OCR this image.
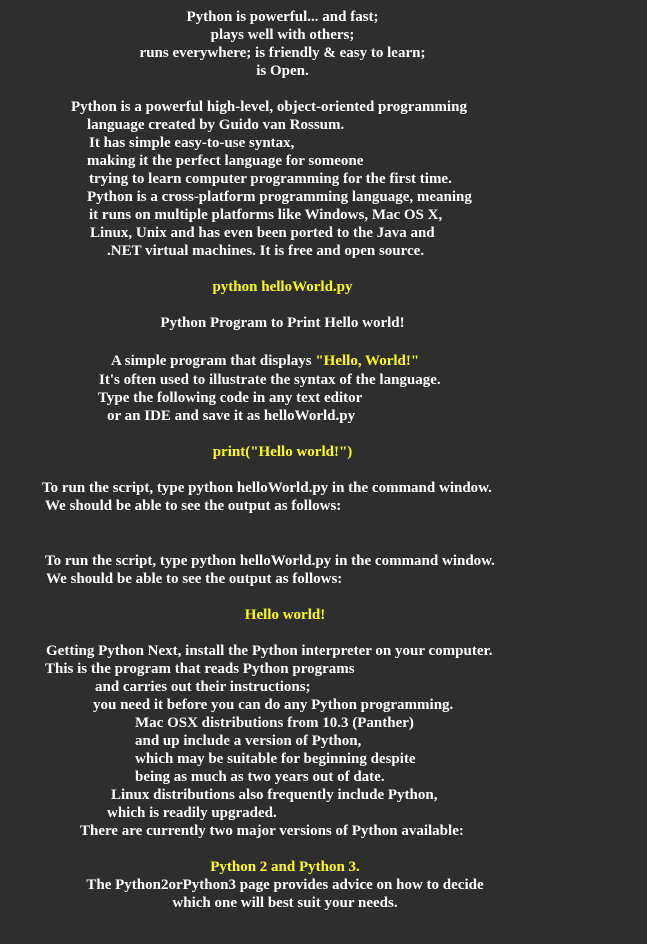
Python is powerful... and fast;
plays well with others;
runs everywhere; is friendly & easy to learn;
is Open.
Python is a powerful high-level, object-oriented programming
language created by Guido van Rossum.
It has simple easy-to-use syntax,
making it the perfect language for someone
trying to learn computer programming for the first time.
Python is a cross-platform programming language, meaning
it runs on multiple platforms like Windows, Mac OS X,
Linux, Unix and has even been ported to the Java and
.NET virtual machines. It is free and open source.
python helloWorld.py
Python Program to Print Hello world!
A simple program that displays "Hello, World!"
It's often used to illustrate the syntax of the language.
Type the following code in any text editor
or an IDE and save it as helloWorld.py
print("Hello world!")
To run the script, type python helloWorld.py in the command window.
We should be able to see the output as follows:
To run the script, type python helloWorld.py in the command window.
We should be able to see the output as follows:
Hello world!
Getting Python Next, install the Python interpreter on your computer.
This is the program that reads Python programs
and carries out their instructions;
you need it before you can do any Python programming.
Mac OSX distributions from 10.3 (Panther)
and up include a version of Python,
which may be suitable for beginning despite
being as much as two years out of date.
Linux distributions also frequently include Python,
which is readily upgraded.
There are currently two major versions of Python available:
Python 2 and Python 3.
The Python2orPython3 page provides advice on how to decide
which one will best suit your needs.
